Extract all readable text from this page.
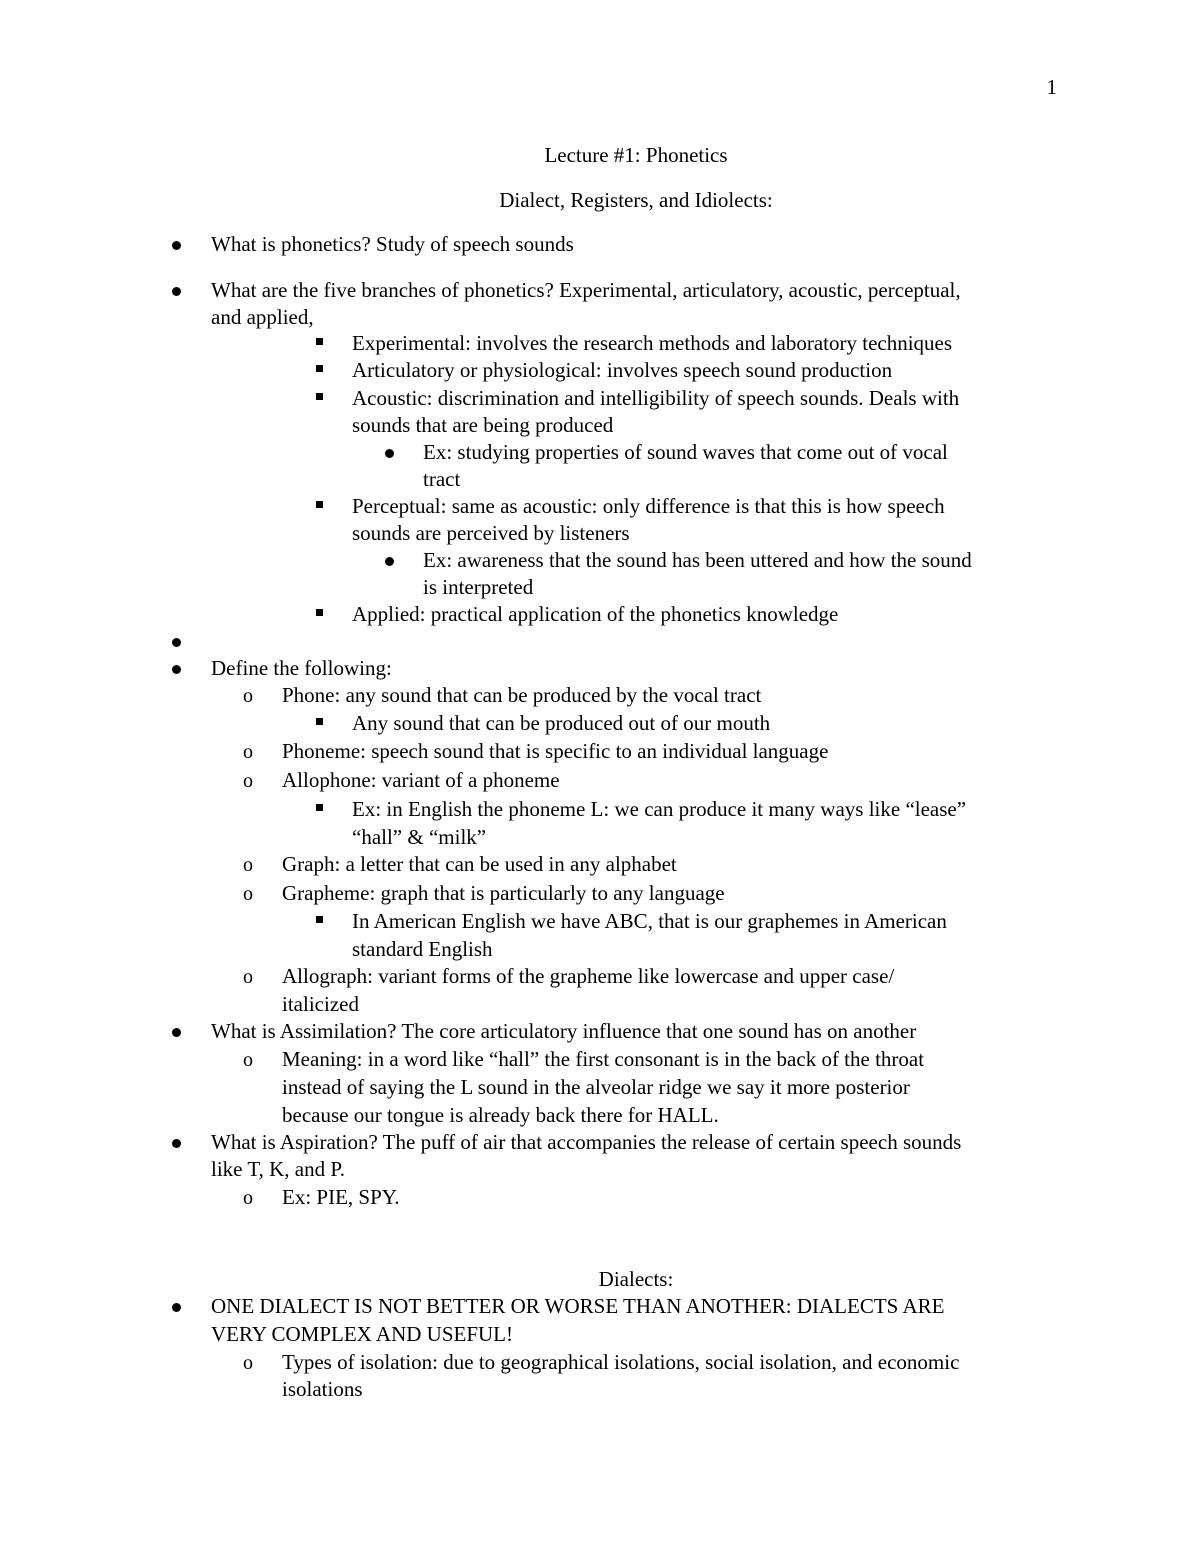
1
Lecture #1: Phonetics
Dialect, Registers, and Idiolects:
What is phonetics? Study of speech sounds
What are the five branches of phonetics? Experimental, articulatory, acoustic, perceptual,
and applied,
Experimental: involves the research methods and laboratory techniques
Articulatory or physiological: involves speech sound production
Acoustic: discrimination and intelligibility of speech sounds. Deals with
sounds that are being produced
Ex: studying properties of sound waves that come out of vocal
tract
Perceptual: same as acoustic: only difference is that this is how speech
sounds are perceived by listeners
Ex: awareness that the sound has been uttered and how the sound
is interpreted
Applied: practical application of the phonetics knowledge
Define the following:
o Phone: any sound that can be produced by the vocal tract
Any sound that can be produced out of our mouth
o Phoneme: speech sound that is specific to an individual language
o Allophone: variant of a phoneme
Ex: in English the phoneme L: we can produce it many ways like “lease”
“hall” & “milk”
o Graph: a letter that can be used in any alphabet
o Grapheme: graph that is particularly to any language
In American English we have ABC, that is our graphemes in American
standard English
o Allograph: variant forms of the grapheme like lowercase and upper case/
italicized
What is Assimilation? The core articulatory influence that one sound has on another
o Meaning: in a word like “hall” the first consonant is in the back of the throat
instead of saying the L sound in the alveolar ridge we say it more posterior
because our tongue is already back there for HALL.
What is Aspiration? The puff of air that accompanies the release of certain speech sounds
like T, K, and P.
o Ex: PIE, SPY.
Dialects:
ONE DIALECT IS NOT BETTER OR WORSE THAN ANOTHER: DIALECTS ARE
VERY COMPLEX AND USEFUL!
o Types of isolation: due to geographical isolations, social isolation, and economic
isolations
